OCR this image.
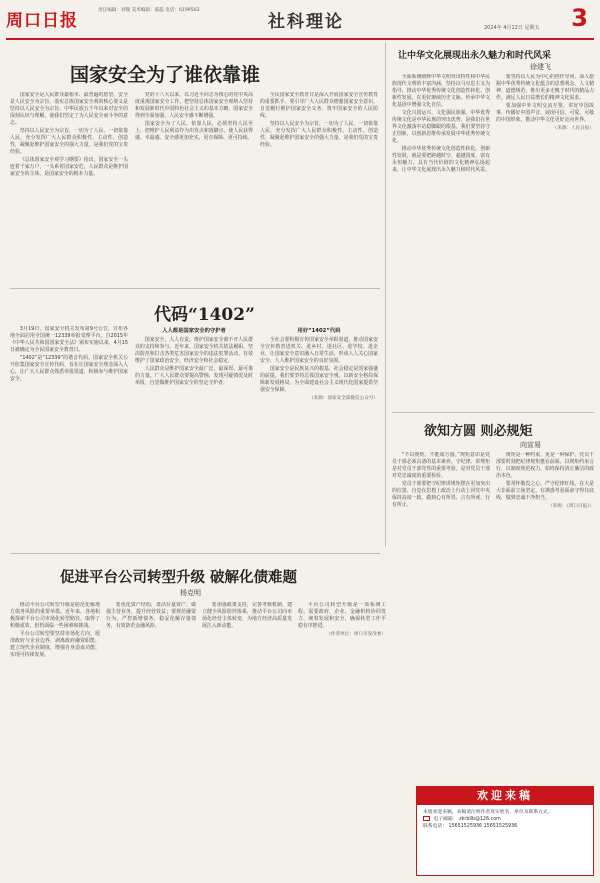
周口日报
责任编辑：刘瑞 美术编辑：邵磊 电话：6199503
社科理论	2024年 4月12日 星期五 3
国家安全为了谁依靠谁

国家安全是人民群众最根本、最普遍的愿望。安全是人民安全为宗旨，落实总体国家安全观的核心要义是坚持以人民安全为宗旨。中华民族五千年以来对安全的深刻认识与理解，使我们坚定了为人民安全而斗争的意志。

坚持以人民安全为宗旨，一切为了人民、一切依靠人民，充分发挥广大人民群众积极性、主动性、创造性，凝聚起维护国家安全的强大力量，是我们党的宝贵经验。

《总体国家安全观学习纲要》指出，国家安全一头连着千家万户，一头系着国家安危。人民群众是维护国家安全的主体，是国家安全的根本力量。

党的十八大以来，以习近平同志为核心的党中央高度重视国家安全工作，把坚持总体国家安全观纳入坚持和发展新时代中国特色社会主义的基本方略，国家安全得到全面加强，人民安全感不断增强。

国家安全为了人民、依靠人民，必须坚持人民至上，把维护人民利益作为出发点和落脚点，使人民获得感、幸福感、安全感更加充实、更有保障、更可持续。

全民国家安全教育日是深入开展国家安全宣传教育的重要抓手。要引导广大人民群众增强国家安全意识，自觉履行维护国家安全义务，筑牢国家安全的人民防线。

坚持以人民安全为宗旨，一切为了人民、一切依靠人民，充分发挥广大人民群众积极性、主动性、创造性，凝聚起维护国家安全的强大力量，是我们党的宝贵经验。

代码“1402”

3月19日，国家安全机关发布第9号公告，宣布各地全面启用全国统一12339举报受理平台。自2015年《中华人民共和国国家安全法》颁布实施以来，4月15日被确定为全民国家安全教育日。

“1402”是“12339”的谐音代码。国家安全机关公开征集国家安全宣传代码，旨在让国家安全理念深入人心，让广大人民群众熟悉举报渠道，积极参与维护国家安全。

人人都是国家安全的守护者

国家安全，人人有责。维护国家安全离不开人民群众的支持和参与。近年来，国家安全机关依法履职，坚决防范和打击各类危害国家安全的违法犯罪活动，有效维护了国家政治安全、经济安全和社会稳定。

人民群众是维护国家安全最广泛、最深厚、最可靠的力量。广大人民群众要提高警惕，发现可疑情况及时举报，自觉做维护国家安全的坚定守护者。

用好“1402”代码

全社会要积极宣传国家安全举报渠道，推动国家安全宣传教育进机关、进乡村、进社区、进学校、进企业，让国家安全意识融入日常生活，形成人人关心国家安全、人人维护国家安全的良好氛围。

国家安全是民族复兴的根基，社会稳定是国家强盛的前提。我们要坚持总体国家安全观，以新安全格局保障新发展格局，为全面建设社会主义现代化国家提供坚强安全保障。

（来源：国家安全部微信公众号）

让中华文化展现出永久魅力和时代风采
徐建飞

全面系统阐释中华文明突出特性和中华民族现代文明的丰富内涵，坚持以马克思主义为指导，推动中华优秀传统文化创造性转化、创新性发展，在更好赓续历史文脉、传承中华文化基因中增强文化自信。

文化兴国运兴，文化强民族强。中华优秀传统文化是中华民族的突出优势，是我们在世界文化激荡中站稳脚跟的根基。我们要坚持守正创新，以创新思维传承发展中华优秀传统文化。

推动中华优秀传统文化创造性转化、创新性发展，就是要把跨越时空、超越国度、富有永恒魅力、具有当代价值的文化精神弘扬起来，让中华文化展现出永久魅力和时代风采。

要坚持以人民为中心的创作导向，深入挖掘中华优秀传统文化蕴含的思想观念、人文精神、道德规范，推出更多无愧于时代的精品力作，满足人民日益增长的精神文化需求。

要加强中外文明交流互鉴，讲好中国故事，传播好中国声音，展现可信、可爱、可敬的中国形象，推动中华文化更好走向世界。

（来源：人民日报）

欲知方圆 则必规矩
向宣易

“不以规矩，不能成方圆。”规矩意识是党员干部必须具备的基本素养。守纪律、讲规矩是对党员干部党性的重要考验，是对党员干部对党忠诚度的重要检验。

党员干部要把守纪律讲规矩摆在更加突出的位置，自觉在思想上政治上行动上同党中央保持高度一致，做到心有所畏、言有所戒、行有所止。

规矩是一种约束，更是一种保护。党员干部要时刻把纪律规矩挺在前面，以规矩约束言行，以制度规范权力，始终保持清正廉洁的政治本色。

要常怀敬畏之心，严守纪律红线，在大是大非面前立场坚定，在诱惑考验面前守得住底线，做到忠诚干净担当。

（来源：《周口日报》）

促进平台公司转型升级 破解化债难题
杨克明

推动平台公司转型升级是防范化解地方债务风险的重要举措。近年来，各地积极探索平台公司市场化转型路径，取得了积极成效，但仍面临一些困难和挑战。

平台公司转型要坚持市场化方向，厘清政府与企业边界，剥离政府融资职能，建立现代企业制度，增强自身造血功能，实现可持续发展。

要优化资产结构，盘活存量资产，做强主营业务，提升经营效益；要规范融资行为，严控新增债务，稳妥化解存量债务，有效防范金融风险。

要加强政策支持，完善考核机制，建立健全风险防控体系，推动平台公司向市场化经营主体转变，为地方经济高质量发展注入新动能。

平台公司转型升级是一项系统工程，需要政府、企业、金融机构协同发力，统筹发展和安全，确保转型工作平稳有序推进。

（作者单位：周口市发改委）

欢迎来稿

本版欢迎来稿，来稿请注明作者真实姓名、单位及联系方式。

电子邮箱： zkrbllb@126.com

联系电话： 15651525936 15651525936
